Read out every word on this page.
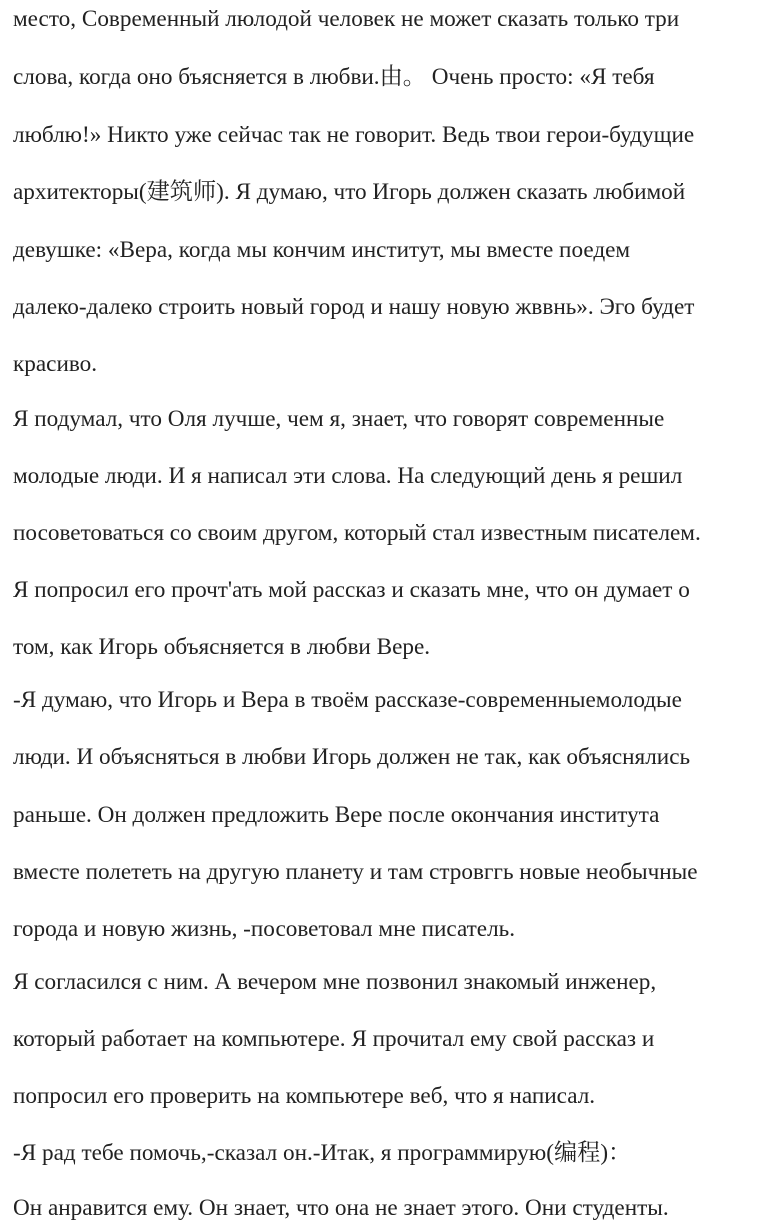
место, Современный люлодой человек не может сказать только три
слова, когда оно бъясняется в любви.由。 Очень просто: «Я тебя
люблю!» Никто уже сейчас так не говорит. Ведь твои герои-будущие
архитекторы(建筑师). Я думаю, что Игорь должен сказать любимой
девушке: «Вера, когда мы кончим институт, мы вместе поедем
далеко-далеко строить новый город и нашу новую жввнь». Эго будет
красиво.
Я подумал, что Оля лучше, чем я, знает, что говорят современные
молодые люди. И я написал эти слова. На следующий день я решил
посоветоваться со своим другом, который стал известным писателем.
Я попросил его прочт'ать мой рассказ и сказать мне, что он думает о
том, как Игорь объясняется в любви Вере.
-Я думаю, что Игорь и Вера в твоём рассказе-современныемолодые
люди. И объясняться в любви Игорь должен не так, как объяснялись
раньше. Он должен предложить Вере после окончания института
вместе полететь на другую планету и там стровггь новые необычные
города и новую жизнь, -посоветовал мне писатель.
Я согласился с ним. А вечером мне позвонил знакомый инженер,
который работает на компьютере. Я прочитал ему свой рассказ и
попросил его проверить на компьютере веб, что я написал.
-Я рад тебе помочь,-сказал он.-Итак, я программирую(编程)：
Он анравится ему. Он знает, что она не знает этого. Они студенты.
